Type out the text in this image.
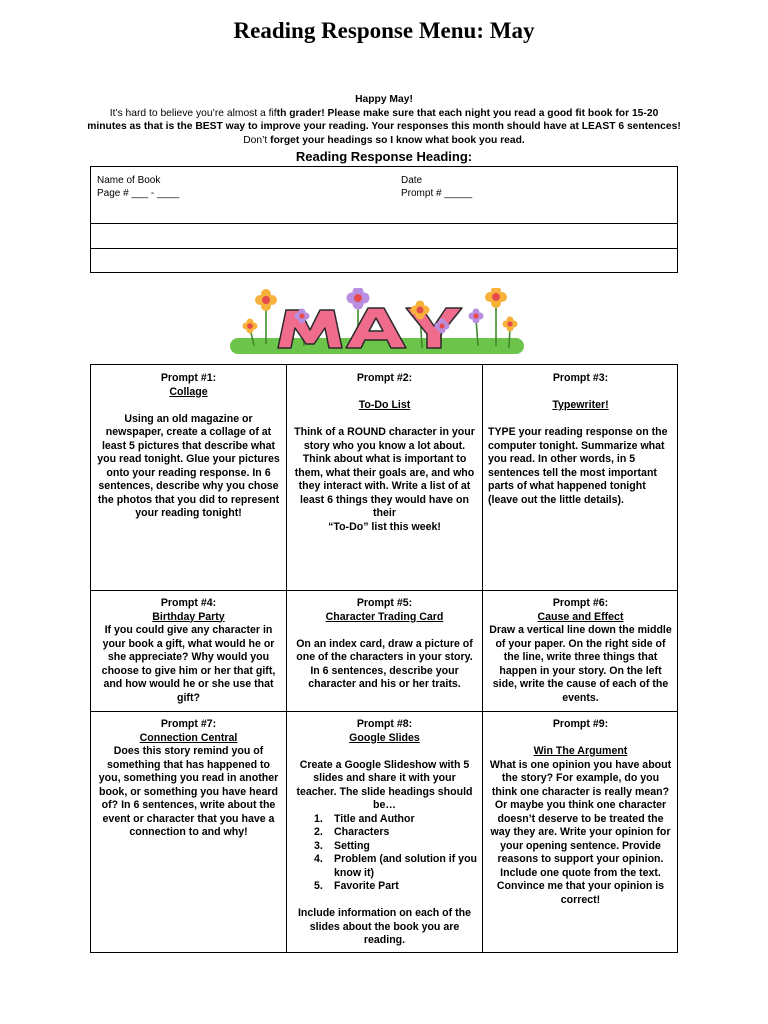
Reading Response Menu: May
Happy May!
It’s hard to believe you’re almost a fifth grader! Please make sure that each night you read a good fit book for 15-20
minutes as that is the BEST way to improve your reading. Your responses this month should have at LEAST 6 sentences!
Don’t forget your headings so I know what book you read.
Reading Response Heading:
Name of Book
Page # ___ - ____
Date
Prompt # _____

Prompt #1:

Collage

Using an old magazine or newspaper, create a collage of at least 5 pictures that describe what you read tonight. Glue your pictures onto your reading response. In 6 sentences, describe why you chose the photos that you did to represent your reading tonight!

Prompt #2:

To-Do List

Think of a ROUND character in your story who you know a lot about. Think about what is important to them, what their goals are, and who they interact with. Write a list of at least 6 things they would have on their

“To-Do” list this week!

Prompt #3:

Typewriter!

TYPE your reading response on the computer tonight. Summarize what you read. In other words, in 5 sentences tell the most important parts of what happened tonight (leave out the little details).

Prompt #4:

Birthday Party

If you could give any character in your book a gift, what would he or she appreciate? Why would you choose to give him or her that gift, and how would he or she use that gift?

Prompt #5:

Character Trading Card

On an index card, draw a picture of one of the characters in your story. In 6 sentences, describe your character and his or her traits.

Prompt #6:

Cause and Effect

Draw a vertical line down the middle of your paper. On the right side of the line, write three things that happen in your story. On the left side, write the cause of each of the events.

Prompt #7:

Connection Central

Does this story remind you of something that has happened to you, something you read in another book, or something you have heard of? In 6 sentences, write about the event or character that you have a connection to and why!

Prompt #8:

Google Slides

Create a Google Slideshow with 5 slides and share it with your teacher. The slide headings should be…

1. Title and Author
2. Characters
3. Setting
4. Problem (and solution if you know it)
5. Favorite Part

Include information on each of the slides about the book you are reading.

Prompt #9:

Win The Argument

What is one opinion you have about the story? For example, do you think one character is really mean? Or maybe you think one character doesn’t deserve to be treated the way they are. Write your opinion for your opening sentence. Provide reasons to support your opinion. Include one quote from the text. Convince me that your opinion is correct!
